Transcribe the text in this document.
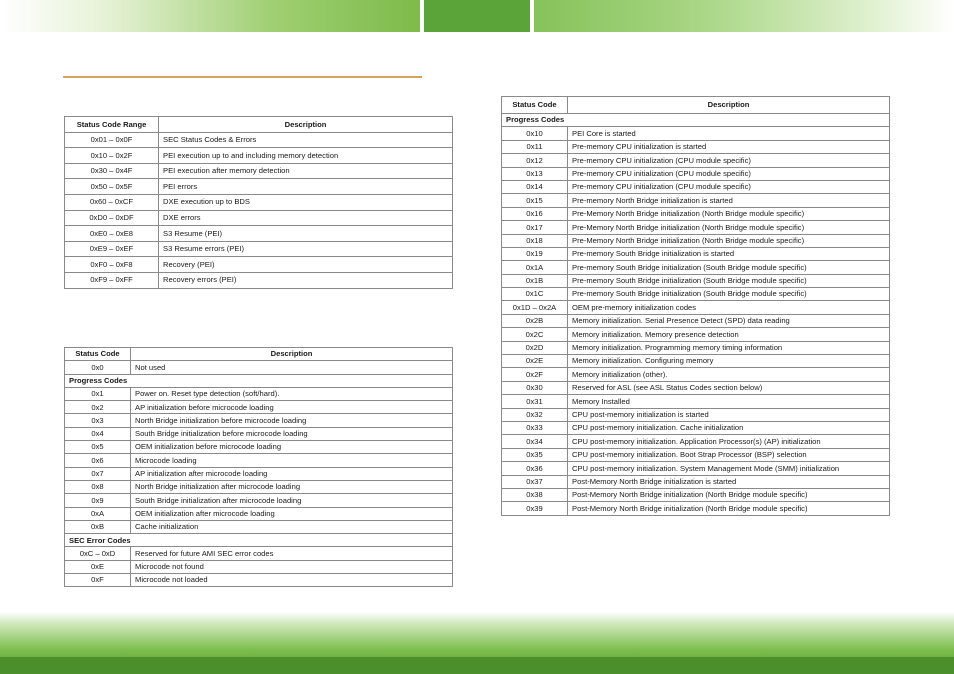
Status Code Range	Description
0x01 – 0x0F	SEC Status Codes & Errors
0x10 – 0x2F	PEI execution up to and including memory detection
0x30 – 0x4F	PEI execution after memory detection
0x50 – 0x5F	PEI errors
0x60 – 0xCF	DXE execution up to BDS
0xD0 – 0xDF	DXE errors
0xE0 – 0xE8	S3 Resume (PEI)
0xE9 – 0xEF	S3 Resume errors (PEI)
0xF0 – 0xF8	Recovery (PEI)
0xF9 – 0xFF	Recovery errors (PEI)
Status Code	Description
0x0	Not used
Progress Codes	
0x1	Power on. Reset type detection (soft/hard).
0x2	AP initialization before microcode loading
0x3	North Bridge initialization before microcode loading
0x4	South Bridge initialization before microcode loading
0x5	OEM initialization before microcode loading
0x6	Microcode loading
0x7	AP initialization after microcode loading
0x8	North Bridge initialization after microcode loading
0x9	South Bridge initialization after microcode loading
0xA	OEM initialization after microcode loading
0xB	Cache initialization
SEC Error Codes	
0xC – 0xD	Reserved for future AMI SEC error codes
0xE	Microcode not found
0xF	Microcode not loaded
Status Code	Description
Progress Codes	
0x10	PEI Core is started
0x11	Pre-memory CPU initialization is started
0x12	Pre-memory CPU initialization (CPU module specific)
0x13	Pre-memory CPU initialization (CPU module specific)
0x14	Pre-memory CPU initialization (CPU module specific)
0x15	Pre-memory North Bridge initialization is started
0x16	Pre-Memory North Bridge initialization (North Bridge module specific)
0x17	Pre-Memory North Bridge initialization (North Bridge module specific)
0x18	Pre-Memory North Bridge initialization (North Bridge module specific)
0x19	Pre-memory South Bridge initialization is started
0x1A	Pre-memory South Bridge initialization (South Bridge module specific)
0x1B	Pre-memory South Bridge initialization (South Bridge module specific)
0x1C	Pre-memory South Bridge initialization (South Bridge module specific)
0x1D – 0x2A	OEM pre-memory initialization codes
0x2B	Memory initialization. Serial Presence Detect (SPD) data reading
0x2C	Memory initialization. Memory presence detection
0x2D	Memory initialization. Programming memory timing information
0x2E	Memory initialization. Configuring memory
0x2F	Memory initialization (other).
0x30	Reserved for ASL (see ASL Status Codes section below)
0x31	Memory Installed
0x32	CPU post-memory initialization is started
0x33	CPU post-memory initialization. Cache initialization
0x34	CPU post-memory initialization. Application Processor(s) (AP) initialization
0x35	CPU post-memory initialization. Boot Strap Processor (BSP) selection
0x36	CPU post-memory initialization. System Management Mode (SMM) initialization
0x37	Post-Memory North Bridge initialization is started
0x38	Post-Memory North Bridge initialization (North Bridge module specific)
0x39	Post-Memory North Bridge initialization (North Bridge module specific)
